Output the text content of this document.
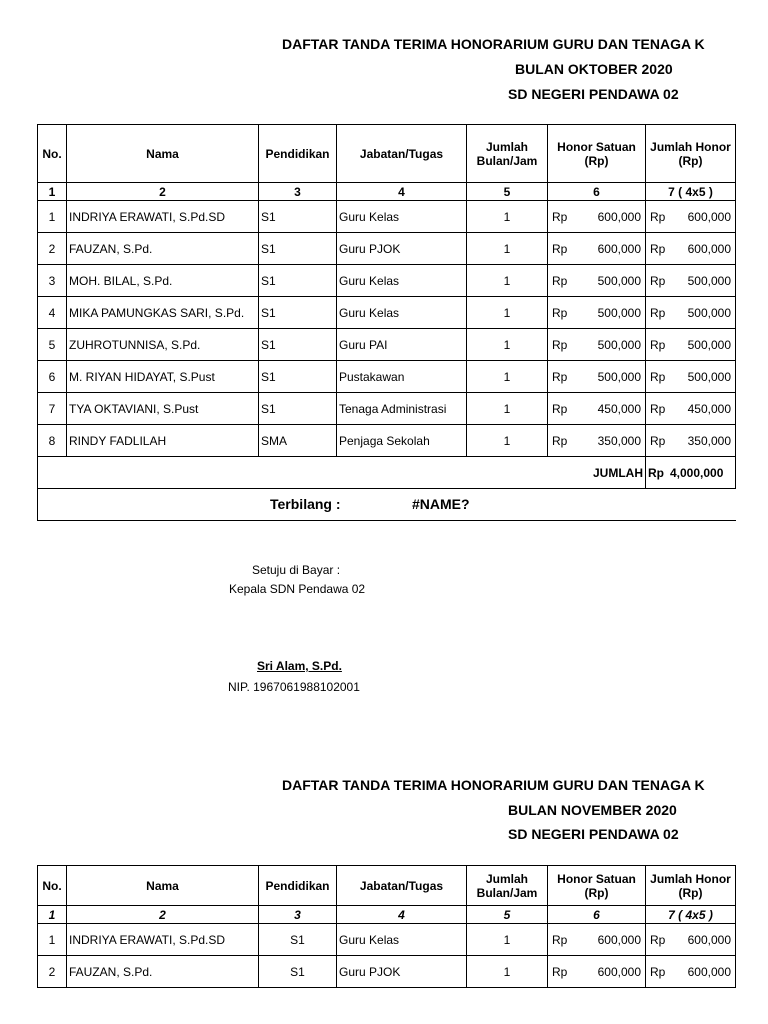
DAFTAR TANDA TERIMA HONORARIUM GURU DAN TENAGA K
BULAN OKTOBER 2020
SD NEGERI PENDAWA 02
No.	Nama	Pendidikan	Jabatan/Tugas	Jumlah Bulan/Jam	Honor Satuan (Rp)	Jumlah Honor (Rp)
1	2	3	4	5	6	7 ( 4x5 )
1	INDRIYA ERAWATI, S.Pd.SD	S1	Guru Kelas	1	Rp 600,000	Rp 600,000

2	FAUZAN, S.Pd.	S1	Guru PJOK	1	Rp 600,000	Rp 600,000

3	MOH. BILAL, S.Pd.	S1	Guru Kelas	1	Rp 500,000	Rp 500,000

4	MIKA PAMUNGKAS SARI, S.Pd.	S1	Guru Kelas	1	Rp 500,000	Rp 500,000

5	ZUHROTUNNISA, S.Pd.	S1	Guru PAI	1	Rp 500,000	Rp 500,000

6	M. RIYAN HIDAYAT, S.Pust	S1	Pustakawan	1	Rp 500,000	Rp 500,000

7	TYA OKTAVIANI, S.Pust	S1	Tenaga Administrasi	1	Rp 450,000	Rp 450,000

8	RINDY FADLILAH	SMA	Penjaga Sekolah	1	Rp 350,000	Rp 350,000

					JUMLAH	Rp 4,000,000

Terbilang : #NAME?						
Setuju di Bayar :
Kepala SDN Pendawa 02
Sri Alam, S.Pd.
NIP. 1967061988102001
DAFTAR TANDA TERIMA HONORARIUM GURU DAN TENAGA K
BULAN NOVEMBER 2020
SD NEGERI PENDAWA 02
No.	Nama	Pendidikan	Jabatan/Tugas	Jumlah Bulan/Jam	Honor Satuan (Rp)	Jumlah Honor (Rp)
1	2	3	4	5	6	7 ( 4x5 )
1	INDRIYA ERAWATI, S.Pd.SD	S1	Guru Kelas	1	Rp 600,000	Rp 600,000

2	FAUZAN, S.Pd.	S1	Guru PJOK	1	Rp 600,000	Rp 600,000
